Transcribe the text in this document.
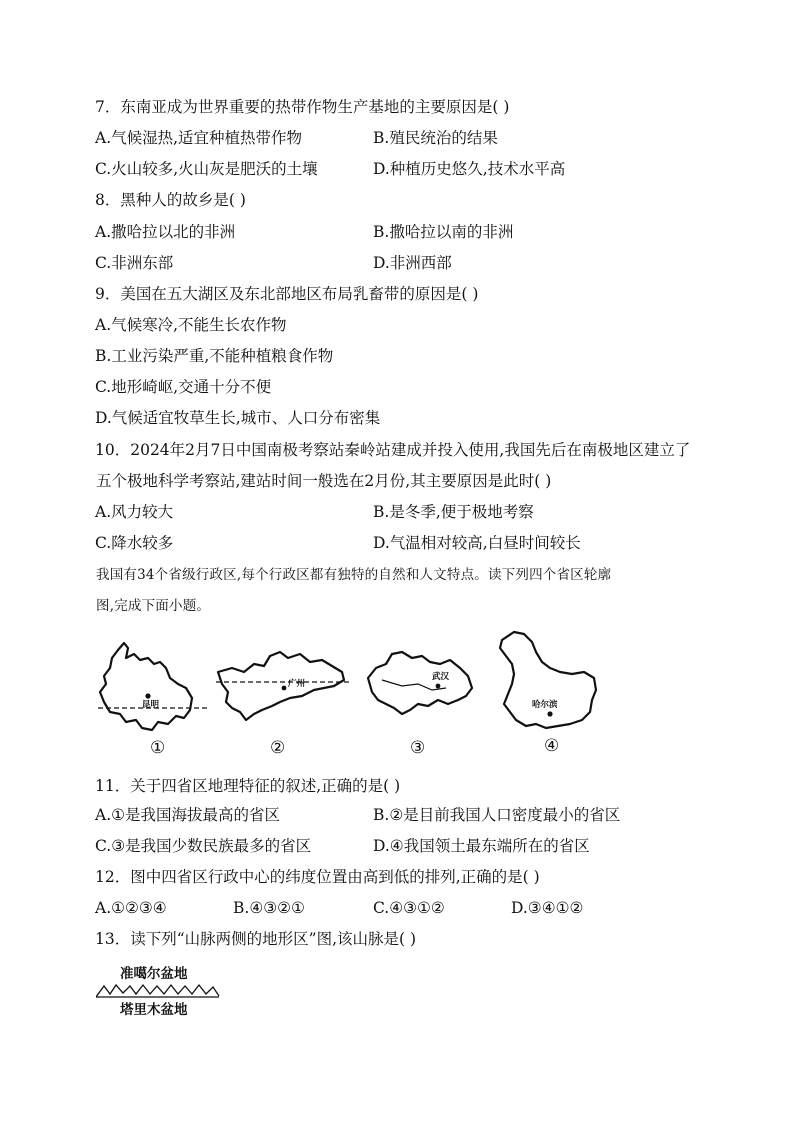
7．东南亚成为世界重要的热带作物生产基地的主要原因是( )
A.气候湿热,适宜种植热带作物	B.殖民统治的结果
C.火山较多,火山灰是肥沃的土壤	D.种植历史悠久,技术水平高
8．黑种人的故乡是( )
A.撒哈拉以北的非洲	B.撒哈拉以南的非洲
C.非洲东部	D.非洲西部
9．美国在五大湖区及东北部地区布局乳畜带的原因是( )
A.气候寒冷,不能生长农作物
B.工业污染严重,不能种植粮食作物
C.地形崎岖,交通十分不便
D.气候适宜牧草生长,城市、人口分布密集
10．2024年2月7日中国南极考察站秦岭站建成并投入使用,我国先后在南极地区建立了
五个极地科学考察站,建站时间一般选在2月份,其主要原因是此时( )
A.风力较大	B.是冬季,便于极地考察
C.降水较多	D.气温相对较高,白昼时间较长
我国有34个省级行政区,每个行政区都有独特的自然和人文特点。读下列四个省区轮廓
图,完成下面小题。
昆明
①
广州
②
武汉
③
哈尔滨
④
11．关于四省区地理特征的叙述,正确的是( )
A.①是我国海拔最高的省区	B.②是目前我国人口密度最小的省区
C.③是我国少数民族最多的省区	D.④我国领土最东端所在的省区
12．图中四省区行政中心的纬度位置由高到低的排列,正确的是( )
A.①②③④	B.④③②①	C.④③①②	D.③④①②
13．读下列“山脉两侧的地形区”图,该山脉是( )
准噶尔盆地
塔里木盆地
